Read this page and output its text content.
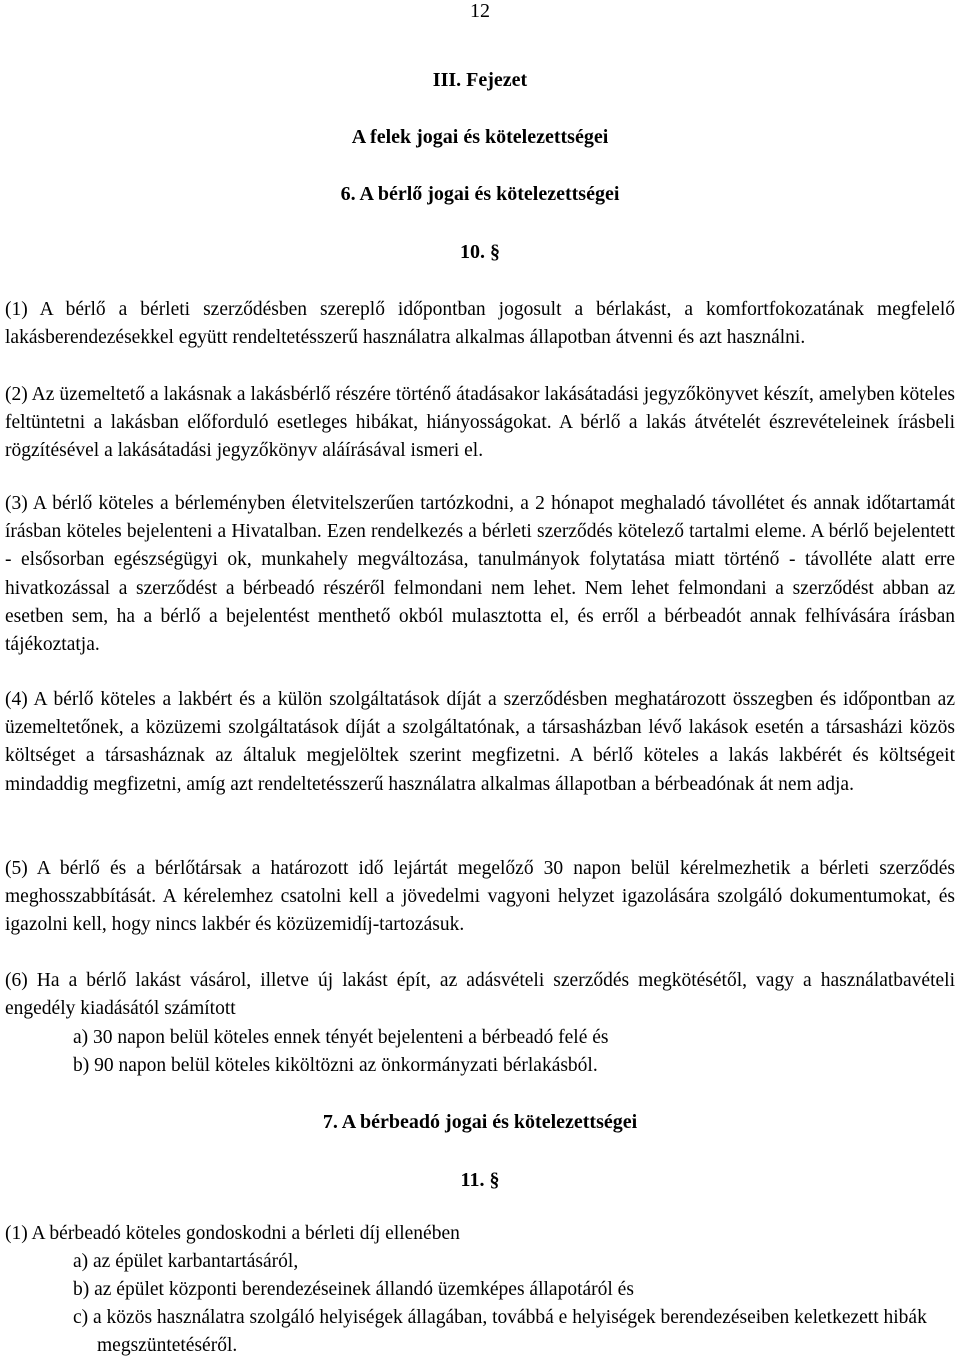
12
III. Fejezet
A felek jogai és kötelezettségei
6. A bérlő jogai és kötelezettségei
10. §
(1) A bérlő a bérleti szerződésben szereplő időpontban jogosult a bérlakást, a komfortfokozatának megfelelő lakásberendezésekkel együtt rendeltetésszerű használatra alkalmas állapotban átvenni és azt használni.
(2) Az üzemeltető a lakásnak a lakásbérlő részére történő átadásakor lakásátadási jegyzőkönyvet készít, amelyben köteles feltüntetni a lakásban előforduló esetleges hibákat, hiányosságokat. A bérlő a lakás átvételét észrevételeinek írásbeli rögzítésével a lakásátadási jegyzőkönyv aláírásával ismeri el.
(3) A bérlő köteles a bérleményben életvitelszerűen tartózkodni, a 2 hónapot meghaladó távollétet és annak időtartamát írásban köteles bejelenteni a Hivatalban. Ezen rendelkezés a bérleti szerződés kötelező tartalmi eleme. A bérlő bejelentett - elsősorban egészségügyi ok, munkahely megváltozása, tanulmányok folytatása miatt történő - távolléte alatt erre hivatkozással a szerződést a bérbeadó részéről felmondani nem lehet. Nem lehet felmondani a szerződést abban az esetben sem, ha a bérlő a bejelentést menthető okból mulasztotta el, és erről a bérbeadót annak felhívására írásban tájékoztatja.
(4) A bérlő köteles a lakbért és a külön szolgáltatások díját a szerződésben meghatározott összegben és időpontban az üzemeltetőnek, a közüzemi szolgáltatások díját a szolgáltatónak, a társasházban lévő lakások esetén a társasházi közös költséget a társasháznak az általuk megjelöltek szerint megfizetni. A bérlő köteles a lakás lakbérét és költségeit mindaddig megfizetni, amíg azt rendeltetésszerű használatra alkalmas állapotban a bérbeadónak át nem adja.
(5) A bérlő és a bérlőtársak a határozott idő lejártát megelőző 30 napon belül kérelmezhetik a bérleti szerződés meghosszabbítását. A kérelemhez csatolni kell a jövedelmi vagyoni helyzet igazolására szolgáló dokumentumokat, és igazolni kell, hogy nincs lakbér és közüzemidíj-tartozásuk.
(6) Ha a bérlő lakást vásárol, illetve új lakást épít, az adásvételi szerződés megkötésétől, vagy a használatbavételi engedély kiadásától számított
a) 30 napon belül köteles ennek tényét bejelenteni a bérbeadó felé és
b) 90 napon belül köteles kiköltözni az önkormányzati bérlakásból.
7. A bérbeadó jogai és kötelezettségei
11. §
(1) A bérbeadó köteles gondoskodni a bérleti díj ellenében
a) az épület karbantartásáról,
b) az épület központi berendezéseinek állandó üzemképes állapotáról és
c) a közös használatra szolgáló helyiségek állagában, továbbá e helyiségek berendezéseiben keletkezett hibák megszüntetéséről.
